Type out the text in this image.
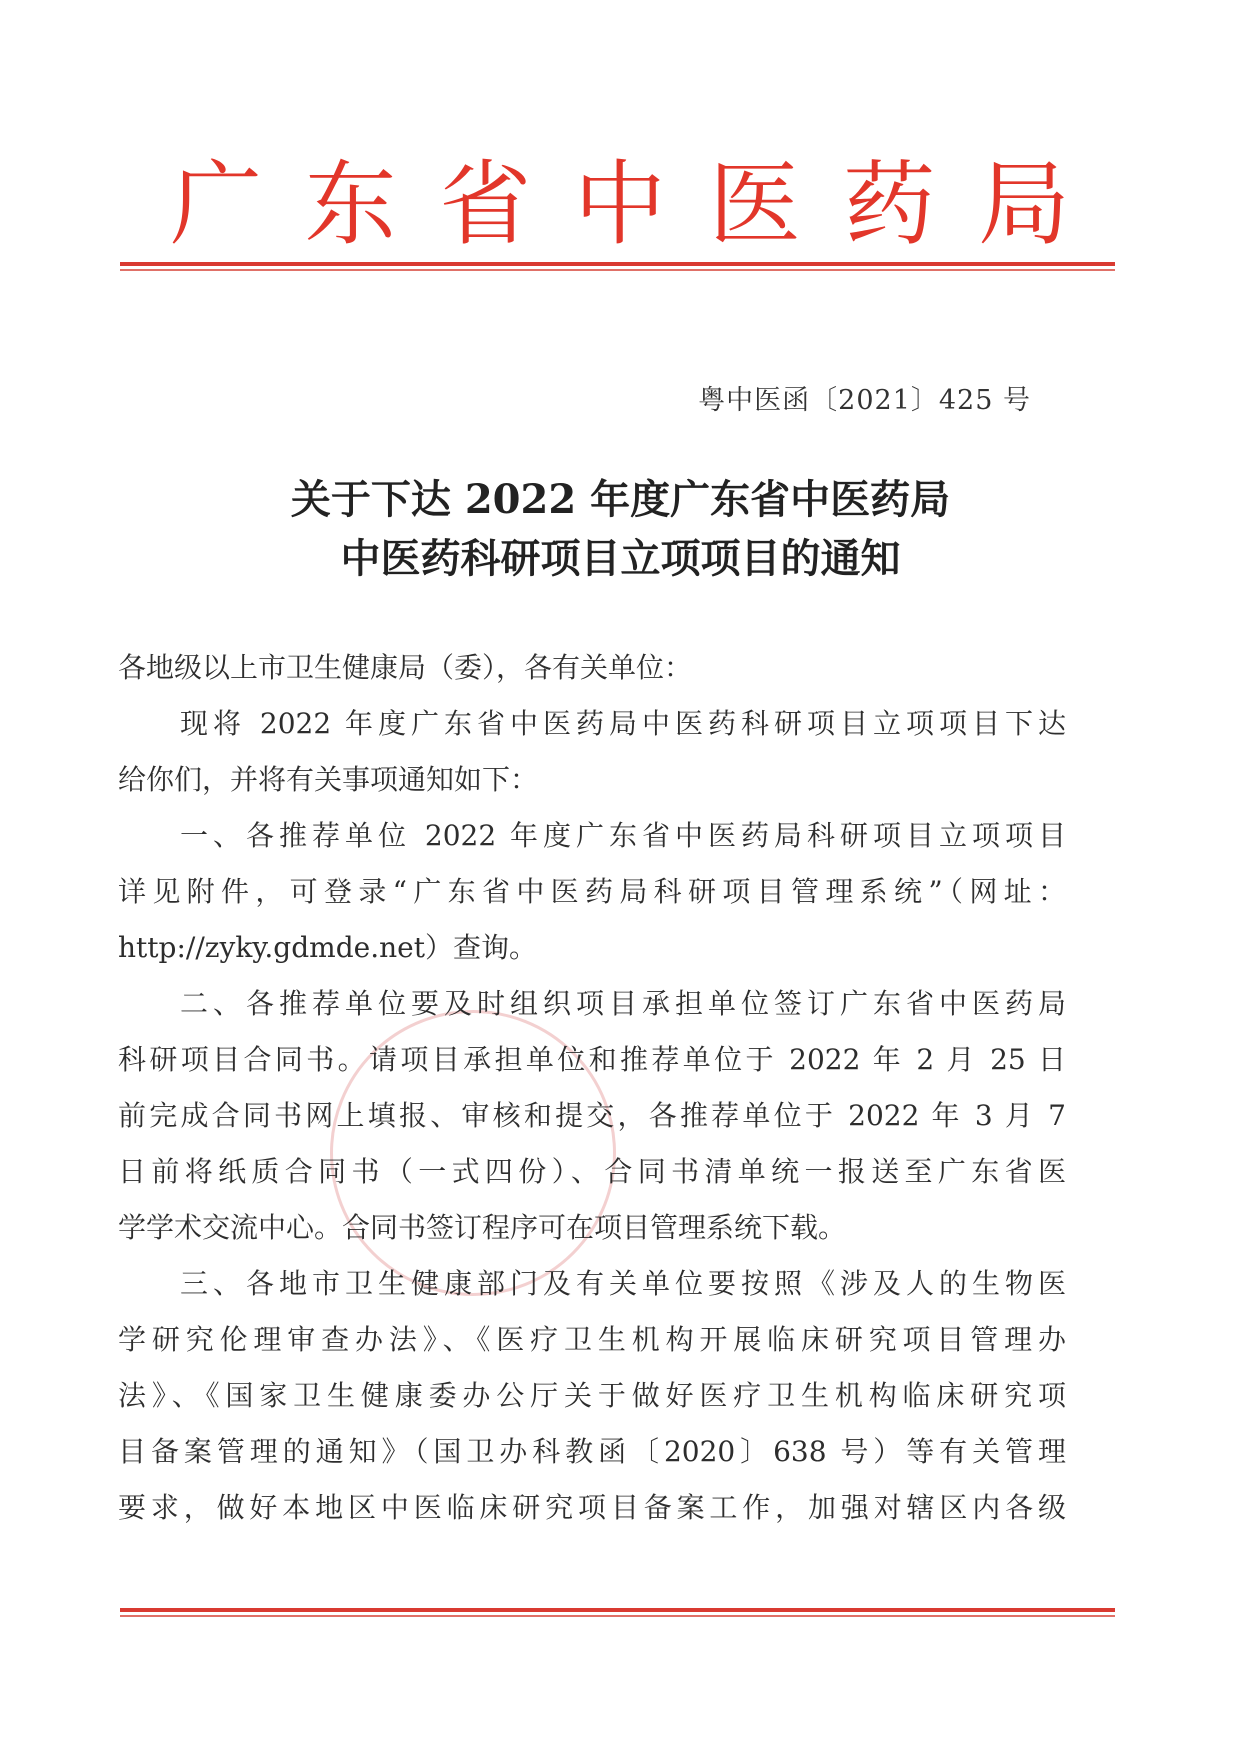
广 东 省 中 医 药 局
粤中医函〔2021〕425 号
关于下达 2022 年度广东省中医药局
中医药科研项目立项项目的通知
各地级以上市卫生健康局（委），各有关单位：
现将 2022 年度广东省中医药局中医药科研项目立项项目下达
给你们，并将有关事项通知如下：
一、各推荐单位 2022 年度广东省中医药局科研项目立项项目
详见附件，可登录“广东省中医药局科研项目管理系统”（网址：
http://zyky.gdmde.net）查询。
二、各推荐单位要及时组织项目承担单位签订广东省中医药局
科研项目合同书。请项目承担单位和推荐单位于 2022 年 2 月 25 日
前完成合同书网上填报、审核和提交，各推荐单位于 2022 年 3 月 7
日前将纸质合同书（一式四份）、合同书清单统一报送至广东省医
学学术交流中心。合同书签订程序可在项目管理系统下载。
三、各地市卫生健康部门及有关单位要按照《涉及人的生物医
学研究伦理审查办法》、《医疗卫生机构开展临床研究项目管理办
法》、《国家卫生健康委办公厅关于做好医疗卫生机构临床研究项
目备案管理的通知》（国卫办科教函〔2020〕638 号）等有关管理
要求，做好本地区中医临床研究项目备案工作，加强对辖区内各级
